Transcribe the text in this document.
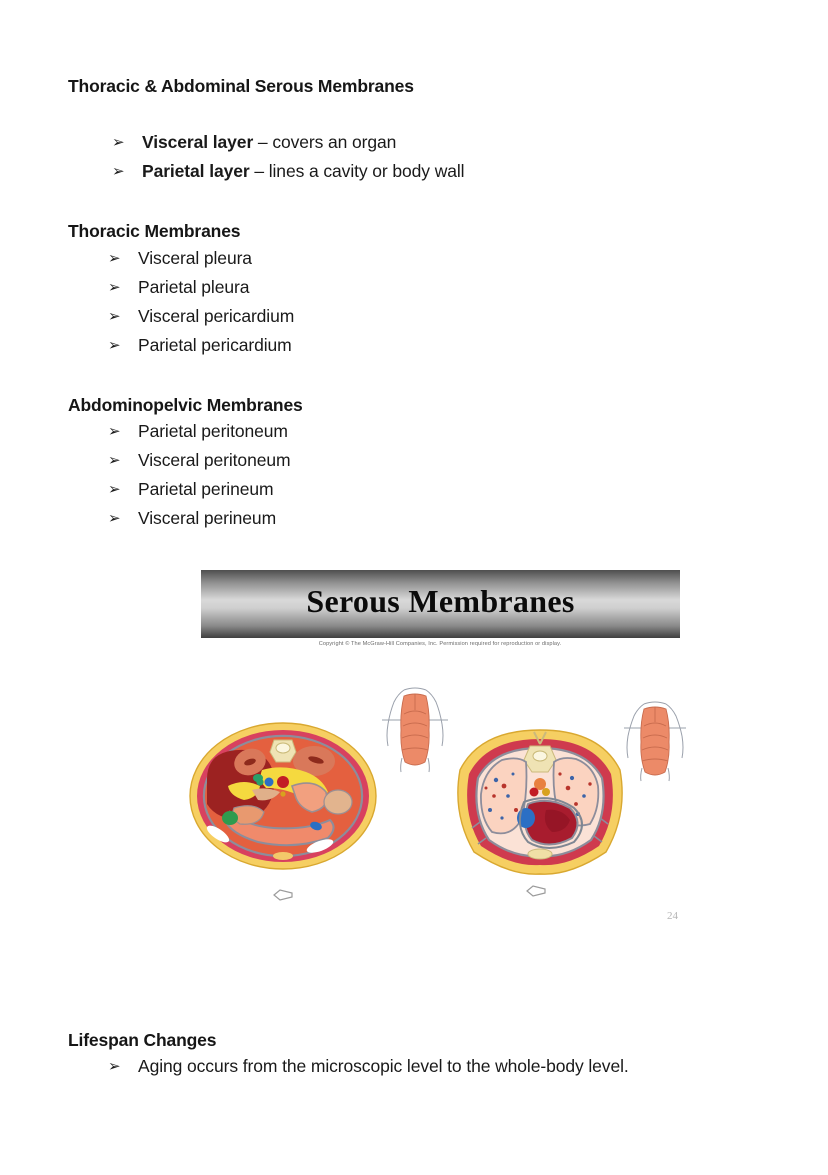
Thoracic & Abdominal Serous Membranes
➢ Visceral layer – covers an organ
➢ Parietal layer – lines a cavity or body wall
Thoracic Membranes
➢ Visceral pleura
➢ Parietal pleura
➢ Visceral pericardium
➢ Parietal pericardium
Abdominopelvic Membranes
➢ Parietal peritoneum
➢ Visceral peritoneum
➢ Parietal perineum
➢ Visceral perineum
Serous Membranes
Copyright © The McGraw-Hill Companies, Inc. Permission required for reproduction or display.
24
Lifespan Changes
➢ Aging occurs from the microscopic level to the whole-body level.
